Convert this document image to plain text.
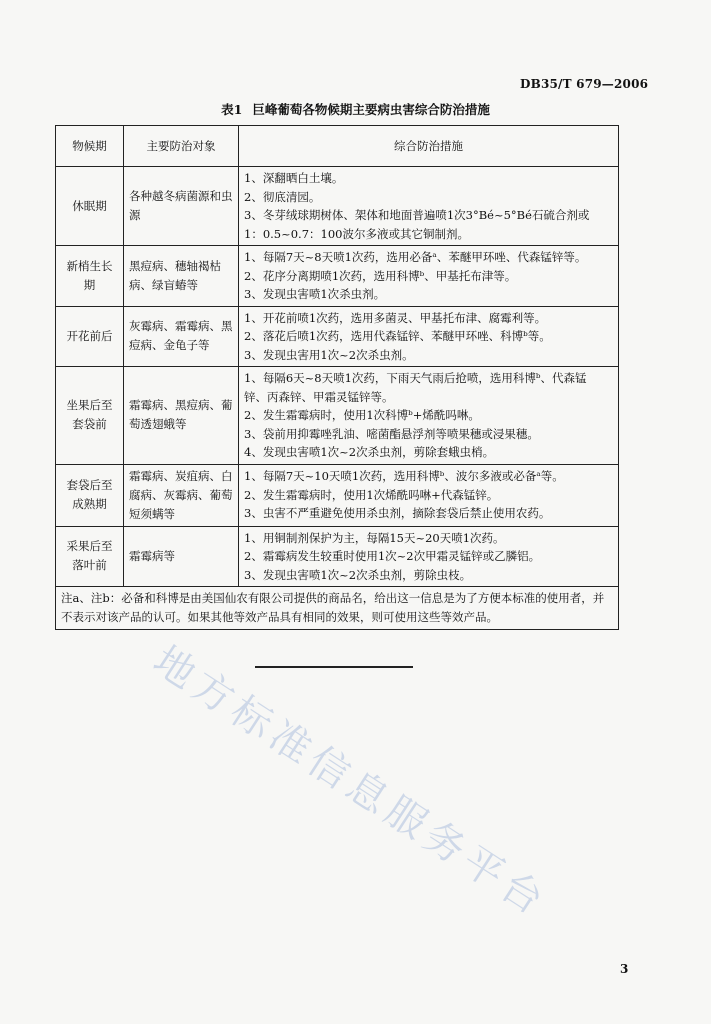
DB35/T 679—2006
表1 巨峰葡萄各物候期主要病虫害综合防治措施
物候期	主要防治对象	综合防治措施
休眠期	各种越冬病菌源和虫源	1、深翻晒白土壤。
2、彻底清园。
3、冬芽绒球期树体、架体和地面普遍喷1次3°Bé~5°Bé石硫合剂或
1：0.5~0.7：100波尔多液或其它铜制剂。

新梢生长期	黑痘病、穗轴褐枯病、绿盲蝽等	1、每隔7天~8天喷1次药，选用必备ᵃ、苯醚甲环唑、代森锰锌等。
2、花序分离期喷1次药，选用科博ᵇ、甲基托布津等。
3、发现虫害喷1次杀虫剂。

开花前后	灰霉病、霜霉病、黑痘病、金龟子等	1、开花前喷1次药，选用多菌灵、甲基托布津、腐霉利等。
2、落花后喷1次药，选用代森锰锌、苯醚甲环唑、科博ᵇ等。
3、发现虫害用1次~2次杀虫剂。

坐果后至套袋前	霜霉病、黑痘病、葡萄透翅蛾等	1、每隔6天~8天喷1次药，下雨天气雨后抢喷，选用科博ᵇ、代森锰
锌、丙森锌、甲霜灵锰锌等。
2、发生霜霉病时，使用1次科博ᵇ+烯酰吗啉。
3、袋前用抑霉唑乳油、嘧菌酯悬浮剂等喷果穗或浸果穗。
4、发现虫害喷1次~2次杀虫剂，剪除套蛾虫梢。

套袋后至成熟期	霜霉病、炭疽病、白腐病、灰霉病、葡萄短须螨等	1、每隔7天~10天喷1次药，选用科博ᵇ、波尔多液或必备ᵃ等。
2、发生霜霉病时，使用1次烯酰吗啉+代森锰锌。
3、虫害不严重避免使用杀虫剂，摘除套袋后禁止使用农药。

采果后至落叶前	霜霉病等	1、用铜制剂保护为主，每隔15天~20天喷1次药。
2、霜霉病发生较重时使用1次~2次甲霜灵锰锌或乙膦铝。
3、发现虫害喷1次~2次杀虫剂，剪除虫枝。

注a、注b：必备和科博是由美国仙农有限公司提供的商品名，给出这一信息是为了方便本标准的使用者，并不表示对该产品的认可。如果其他等效产品具有相同的效果，则可使用这些等效产品。		
地方标准信息服务平台
3
